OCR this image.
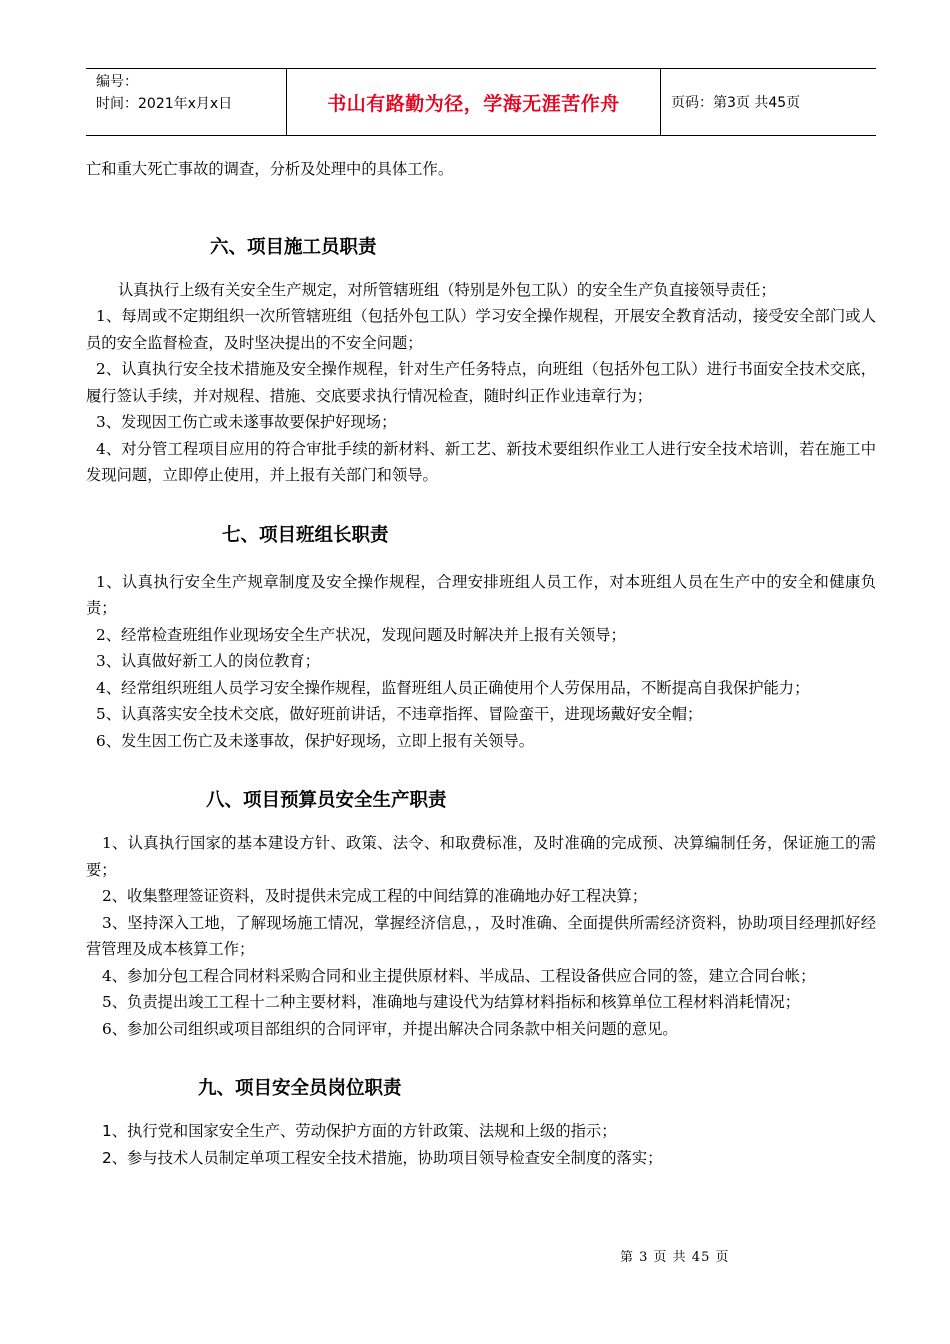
编号：
时间：2021年x月x日	书山有路勤为径，学海无涯苦作舟	页码：第3页 共45页

亡和重大死亡事故的调查，分析及处理中的具体工作。

六、项目施工员职责

认真执行上级有关安全生产规定，对所管辖班组（特别是外包工队）的安全生产负直接领导责任；

1、每周或不定期组织一次所管辖班组（包括外包工队）学习安全操作规程，开展安全教育活动，接受安全部门或人员的安全监督检查，及时坚决提出的不安全问题；

2、认真执行安全技术措施及安全操作规程，针对生产任务特点，向班组（包括外包工队）进行书面安全技术交底，履行签认手续，并对规程、措施、交底要求执行情况检查，随时纠正作业违章行为；

3、发现因工伤亡或未遂事故要保护好现场；

4、对分管工程项目应用的符合审批手续的新材料、新工艺、新技术要组织作业工人进行安全技术培训，若在施工中发现问题，立即停止使用，并上报有关部门和领导。

七、项目班组长职责

1、认真执行安全生产规章制度及安全操作规程，合理安排班组人员工作，对本班组人员在生产中的安全和健康负责；

2、经常检查班组作业现场安全生产状况，发现问题及时解决并上报有关领导；

3、认真做好新工人的岗位教育；

4、经常组织班组人员学习安全操作规程，监督班组人员正确使用个人劳保用品，不断提高自我保护能力；

5、认真落实安全技术交底，做好班前讲话，不违章指挥、冒险蛮干，进现场戴好安全帽；

6、发生因工伤亡及未遂事故，保护好现场，立即上报有关领导。

八、项目预算员安全生产职责

1、认真执行国家的基本建设方针、政策、法令、和取费标准，及时准确的完成预、决算编制任务，保证施工的需要；

2、收集整理签证资料，及时提供未完成工程的中间结算的准确地办好工程决算；

3、坚持深入工地，了解现场施工情况，掌握经济信息，，及时准确、全面提供所需经济资料，协助项目经理抓好经营管理及成本核算工作；

4、参加分包工程合同材料采购合同和业主提供原材料、半成品、工程设备供应合同的签，建立合同台帐；

5、负责提出竣工工程十二种主要材料，准确地与建设代为结算材料指标和核算单位工程材料消耗情况；

6、参加公司组织或项目部组织的合同评审，并提出解决合同条款中相关问题的意见。

九、项目安全员岗位职责

1、执行党和国家安全生产、劳动保护方面的方针政策、法规和上级的指示；

2、参与技术人员制定单项工程安全技术措施，协助项目领导检查安全制度的落实；

第 3 页 共 45 页
